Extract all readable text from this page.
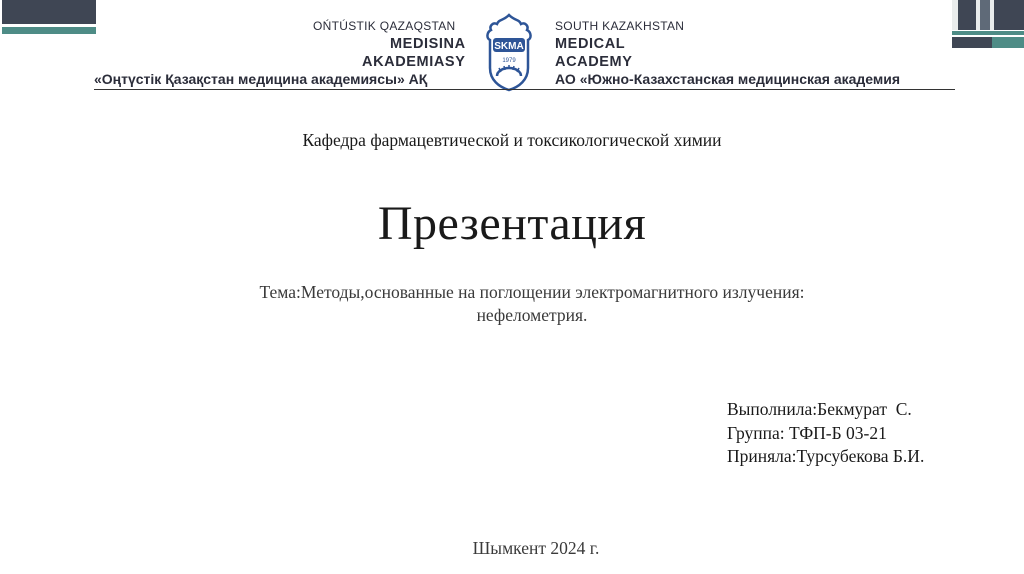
OŃTÚSTIK QAZAQSTAN
MEDISINA
AKADEMIASY
«Оңтүстік Қазақстан медицина академиясы» АҚ
SKMA
1979
SOUTH KAZAKHSTAN
MEDICAL
ACADEMY
АО «Южно-Казахстанская медицинская академия
Кафедра фармацевтической и токсикологической химии
Презентация
Тема:Методы,основанные на поглощении электромагнитного излучения:
нефелометрия.
Выполнила:Бекмурат  С.
Группа: ТФП-Б 03-21
Приняла:Турсубекова Б.И.
Шымкент 2024 г.
